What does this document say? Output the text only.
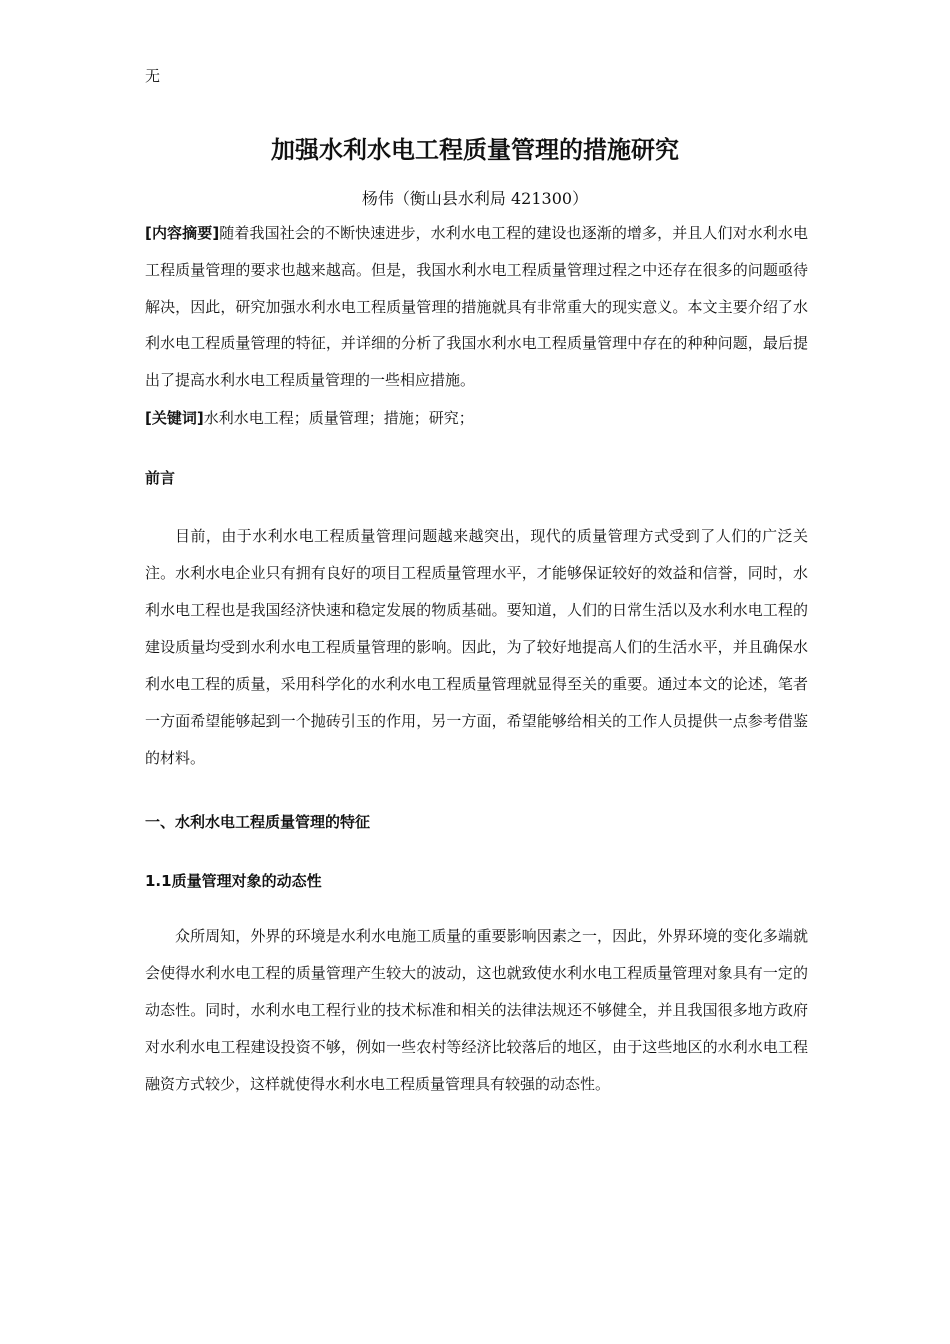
无
加强水利水电工程质量管理的措施研究
杨伟（衡山县水利局 421300）
[内容摘要]随着我国社会的不断快速进步，水利水电工程的建设也逐渐的增多，并且人们对水利水电工程质量管理的要求也越来越高。但是，我国水利水电工程质量管理过程之中还存在很多的问题亟待解决，因此，研究加强水利水电工程质量管理的措施就具有非常重大的现实意义。本文主要介绍了水利水电工程质量管理的特征，并详细的分析了我国水利水电工程质量管理中存在的种种问题，最后提出了提高水利水电工程质量管理的一些相应措施。
[关键词]水利水电工程；质量管理；措施；研究；
前言
目前，由于水利水电工程质量管理问题越来越突出，现代的质量管理方式受到了人们的广泛关注。水利水电企业只有拥有良好的项目工程质量管理水平，才能够保证较好的效益和信誉，同时，水利水电工程也是我国经济快速和稳定发展的物质基础。要知道，人们的日常生活以及水利水电工程的建设质量均受到水利水电工程质量管理的影响。因此，为了较好地提高人们的生活水平，并且确保水利水电工程的质量，采用科学化的水利水电工程质量管理就显得至关的重要。通过本文的论述，笔者一方面希望能够起到一个抛砖引玉的作用，另一方面，希望能够给相关的工作人员提供一点参考借鉴的材料。
一、水利水电工程质量管理的特征
1.1质量管理对象的动态性
众所周知，外界的环境是水利水电施工质量的重要影响因素之一，因此，外界环境的变化多端就会使得水利水电工程的质量管理产生较大的波动，这也就致使水利水电工程质量管理对象具有一定的动态性。同时，水利水电工程行业的技术标准和相关的法律法规还不够健全，并且我国很多地方政府对水利水电工程建设投资不够，例如一些农村等经济比较落后的地区，由于这些地区的水利水电工程融资方式较少，这样就使得水利水电工程质量管理具有较强的动态性。
